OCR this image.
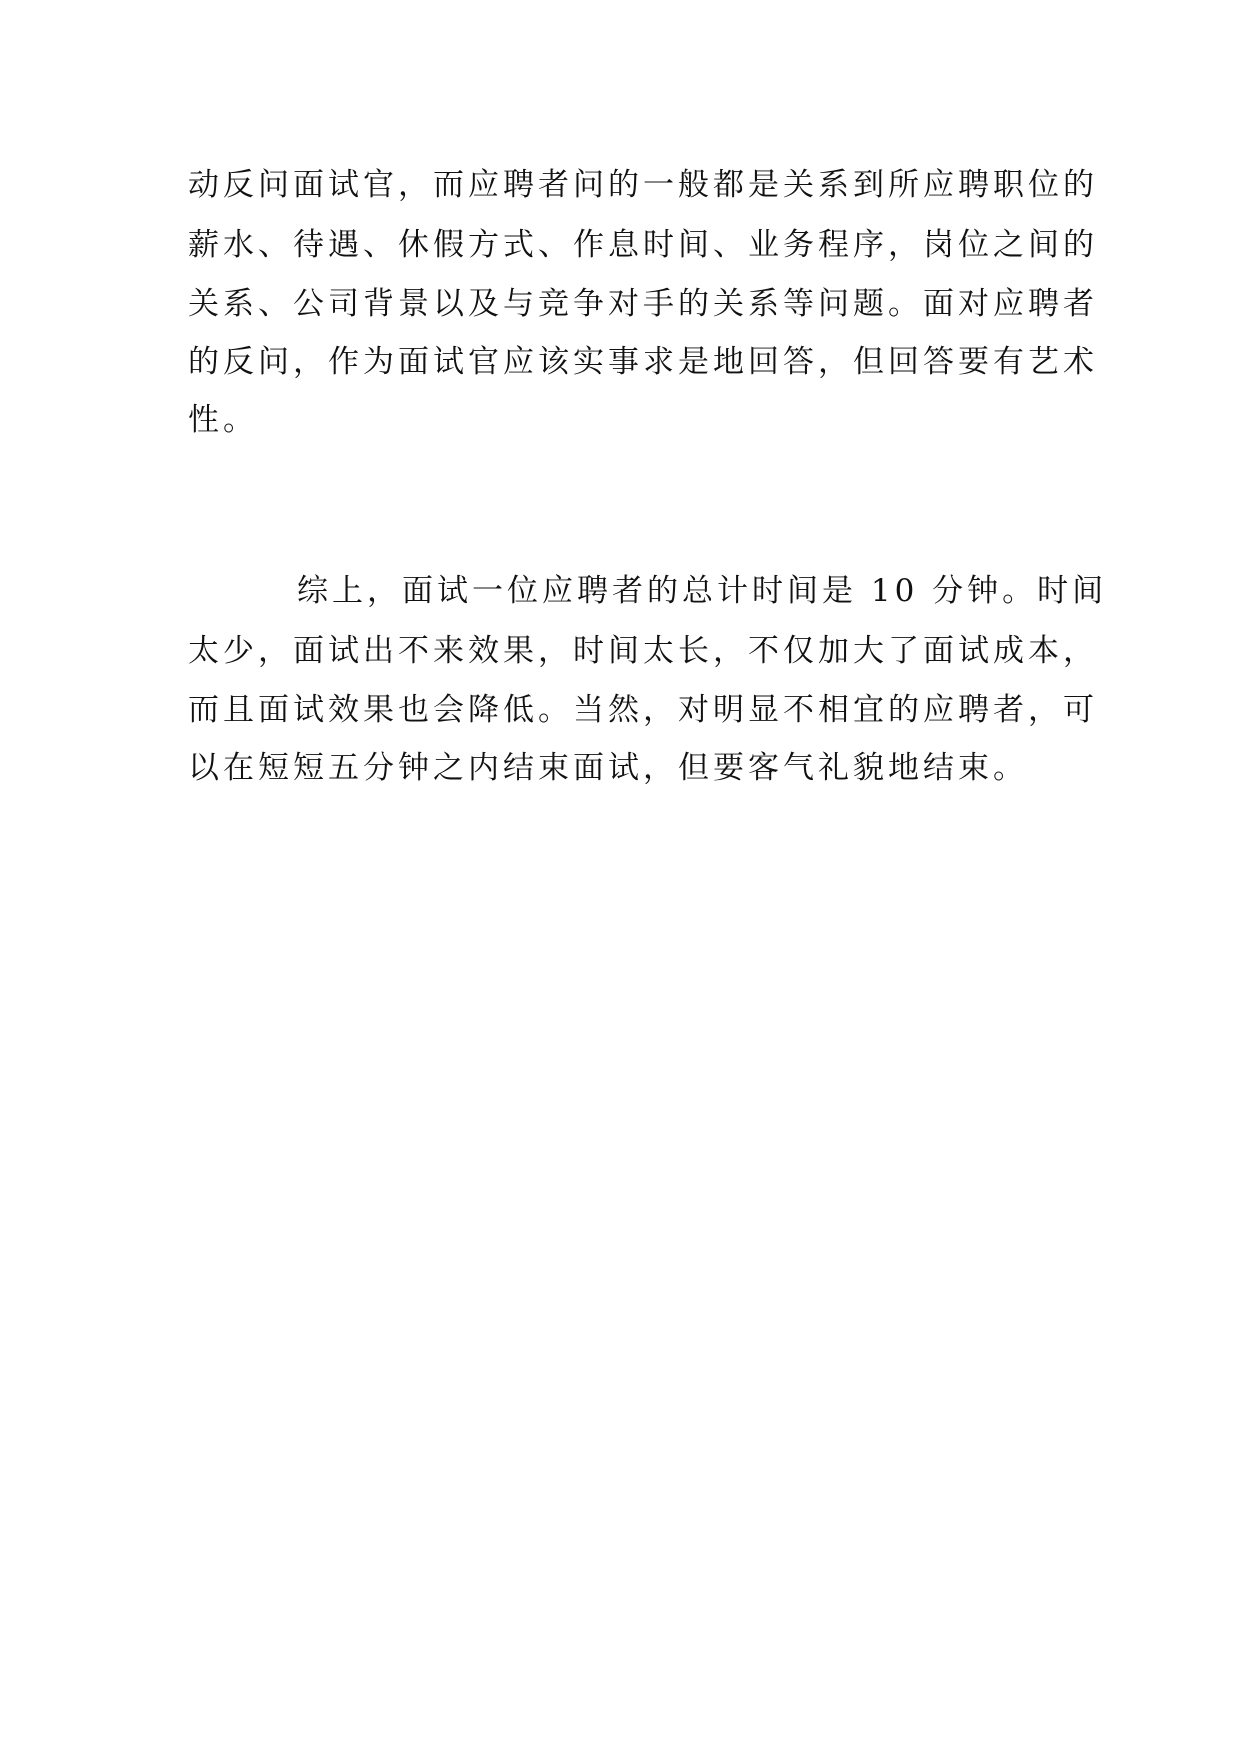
动反问面试官，而应聘者问的一般都是关系到所应聘职位的

薪水、待遇、休假方式、作息时间、业务程序，岗位之间的

关系、公司背景以及与竞争对手的关系等问题。面对应聘者

的反问，作为面试官应该实事求是地回答，但回答要有艺术

性。

综上，面试一位应聘者的总计时间是 10 分钟。时间

太少，面试出不来效果，时间太长，不仅加大了面试成本，

而且面试效果也会降低。当然，对明显不相宜的应聘者，可

以在短短五分钟之内结束面试，但要客气礼貌地结束。
